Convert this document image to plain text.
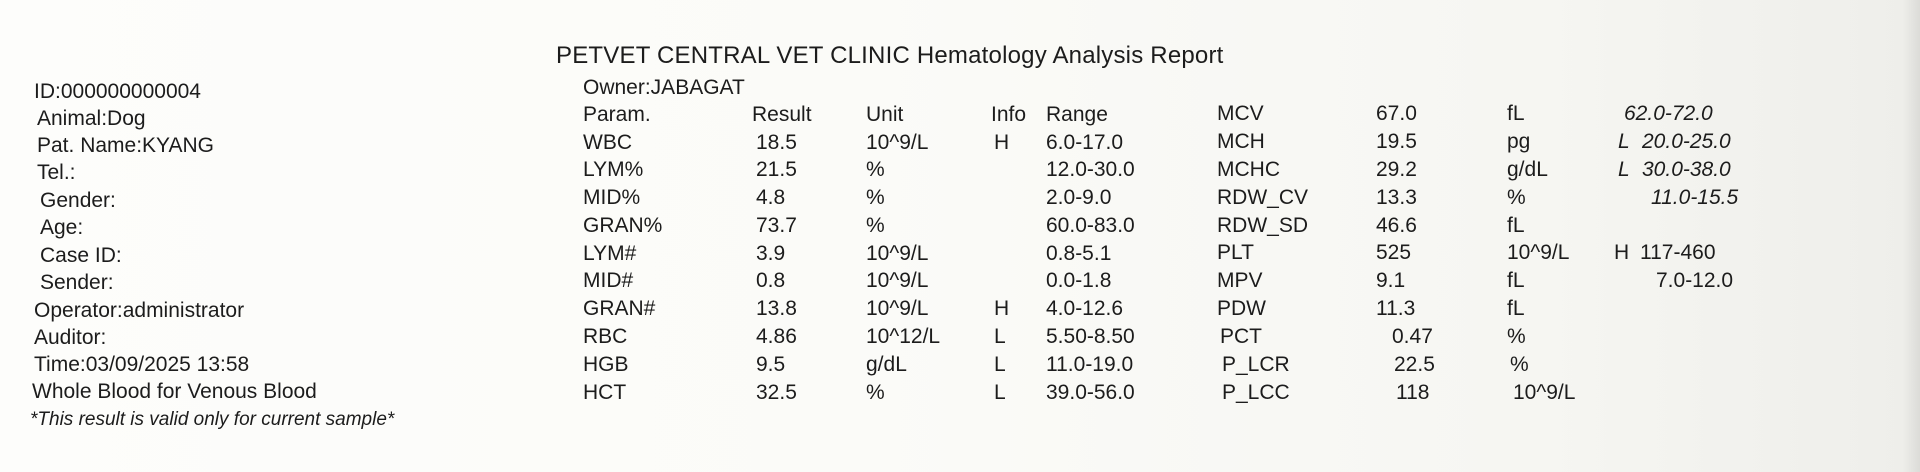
PETVET CENTRAL VET CLINIC Hematology Analysis Report
Owner:JABAGAT
ID:000000000004
Animal:Dog
Pat. Name:KYANG
Tel.:
Gender:
Age:
Case ID:
Sender:
Operator:administrator
Auditor:
Time:03/09/2025 13:58
Whole Blood for Venous Blood
*This result is valid only for current sample*
Param.	Result	Unit	Info Range
WBC	18.5	10^9/L	H 6.0-17.0
LYM%	21.5	%	12.0-30.0
MID%	4.8	%	2.0-9.0
GRAN%	73.7	%	60.0-83.0
LYM#	3.9	10^9/L	0.8-5.1
MID#	0.8	10^9/L	0.0-1.8
GRAN#	13.8	10^9/L	H 4.0-12.6
RBC	4.86	10^12/L	L 5.50-8.50
HGB	9.5	g/dL	L 11.0-19.0
HCT	32.5	%	L 39.0-56.0
MCV	67.0	fL	62.0-72.0
MCH	19.5	pg	L 20.0-25.0
MCHC	29.2	g/dL	L 30.0-38.0
RDW_CV	13.3	%	11.0-15.5
RDW_SD	46.6	fL
PLT	525	10^9/L H 117-460
MPV	9.1	fL	7.0-12.0
PDW	11.3	fL
PCT	0.47	%
P_LCR	22.5	%
P_LCC	118	10^9/L
